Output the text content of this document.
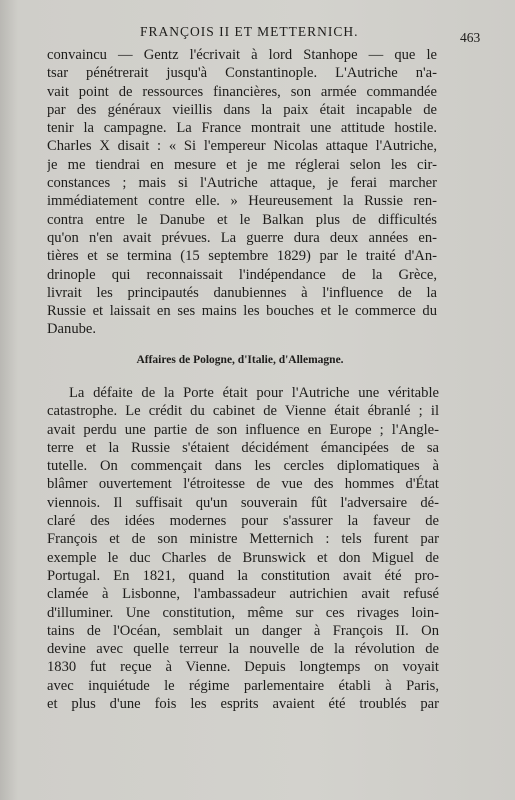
FRANÇOIS II ET METTERNICH.	463
convaincu — Gentz l'écrivait à lord Stanhope — que le
tsar pénétrerait jusqu'à Constantinople. L'Autriche n'a-
vait point de ressources financières, son armée commandée
par des généraux vieillis dans la paix était incapable de
tenir la campagne. La France montrait une attitude hostile.
Charles X disait : « Si l'empereur Nicolas attaque l'Autriche,
je me tiendrai en mesure et je me réglerai selon les cir-
constances ; mais si l'Autriche attaque, je ferai marcher
immédiatement contre elle. » Heureusement la Russie ren-
contra entre le Danube et le Balkan plus de difficultés
qu'on n'en avait prévues. La guerre dura deux années en-
tières et se termina (15 septembre 1829) par le traité d'An-
drinople qui reconnaissait l'indépendance de la Grèce,
livrait les principautés danubiennes à l'influence de la
Russie et laissait en ses mains les bouches et le commerce du
Danube.
Affaires de Pologne, d'Italie, d'Allemagne.
La défaite de la Porte était pour l'Autriche une véritable
catastrophe. Le crédit du cabinet de Vienne était ébranlé ; il
avait perdu une partie de son influence en Europe ; l'Angle-
terre et la Russie s'étaient décidément émancipées de sa
tutelle. On commençait dans les cercles diplomatiques à
blâmer ouvertement l'étroitesse de vue des hommes d'État
viennois. Il suffisait qu'un souverain fût l'adversaire dé-
claré des idées modernes pour s'assurer la faveur de
François et de son ministre Metternich : tels furent par
exemple le duc Charles de Brunswick et don Miguel de
Portugal. En 1821, quand la constitution avait été pro-
clamée à Lisbonne, l'ambassadeur autrichien avait refusé
d'illuminer. Une constitution, même sur ces rivages loin-
tains de l'Océan, semblait un danger à François II. On
devine avec quelle terreur la nouvelle de la révolution de
1830 fut reçue à Vienne. Depuis longtemps on voyait
avec inquiétude le régime parlementaire établi à Paris,
et plus d'une fois les esprits avaient été troublés par
